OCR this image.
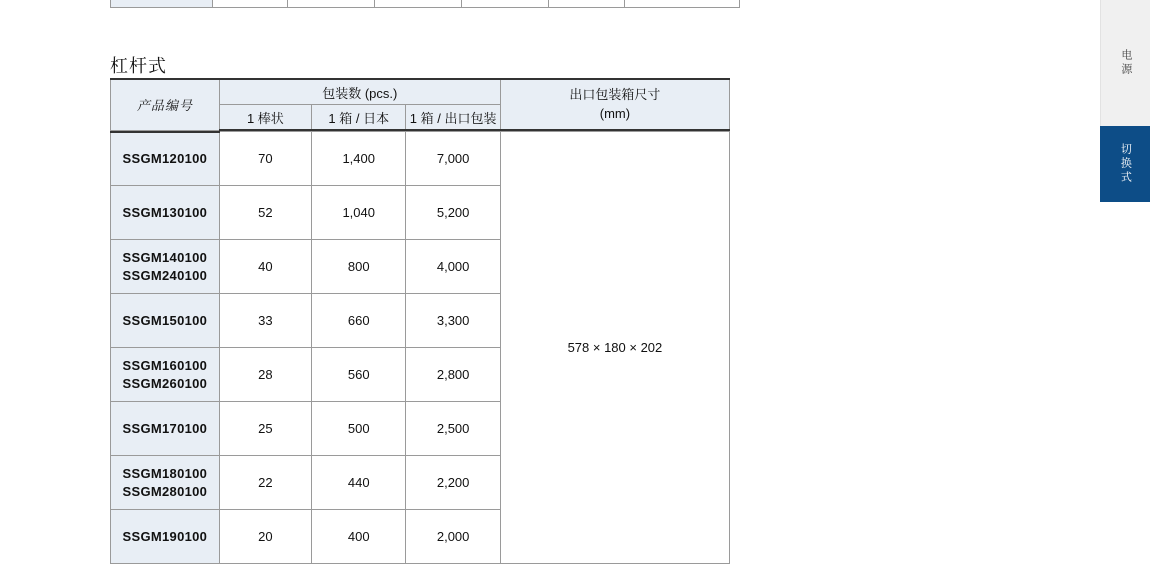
杠杆式
产品编号	包装数 (pcs.)			出口包装箱尺寸
(mm)

	1 棒状	1 箱 / 日本	1 箱 / 出口包装	

SSGM120100	70	1,400	7,000	578 × 180 × 202
SSGM130100	52	1,040	5,200	

SSGM140100
SSGM240100	40	800	4,000	
SSGM150100	33	660	3,300	

SSGM160100
SSGM260100	28	560	2,800	
SSGM170100	25	500	2,500	

SSGM180100
SSGM280100	22	440	2,200	
SSGM190100	20	400	2,000	
电源
切换式
